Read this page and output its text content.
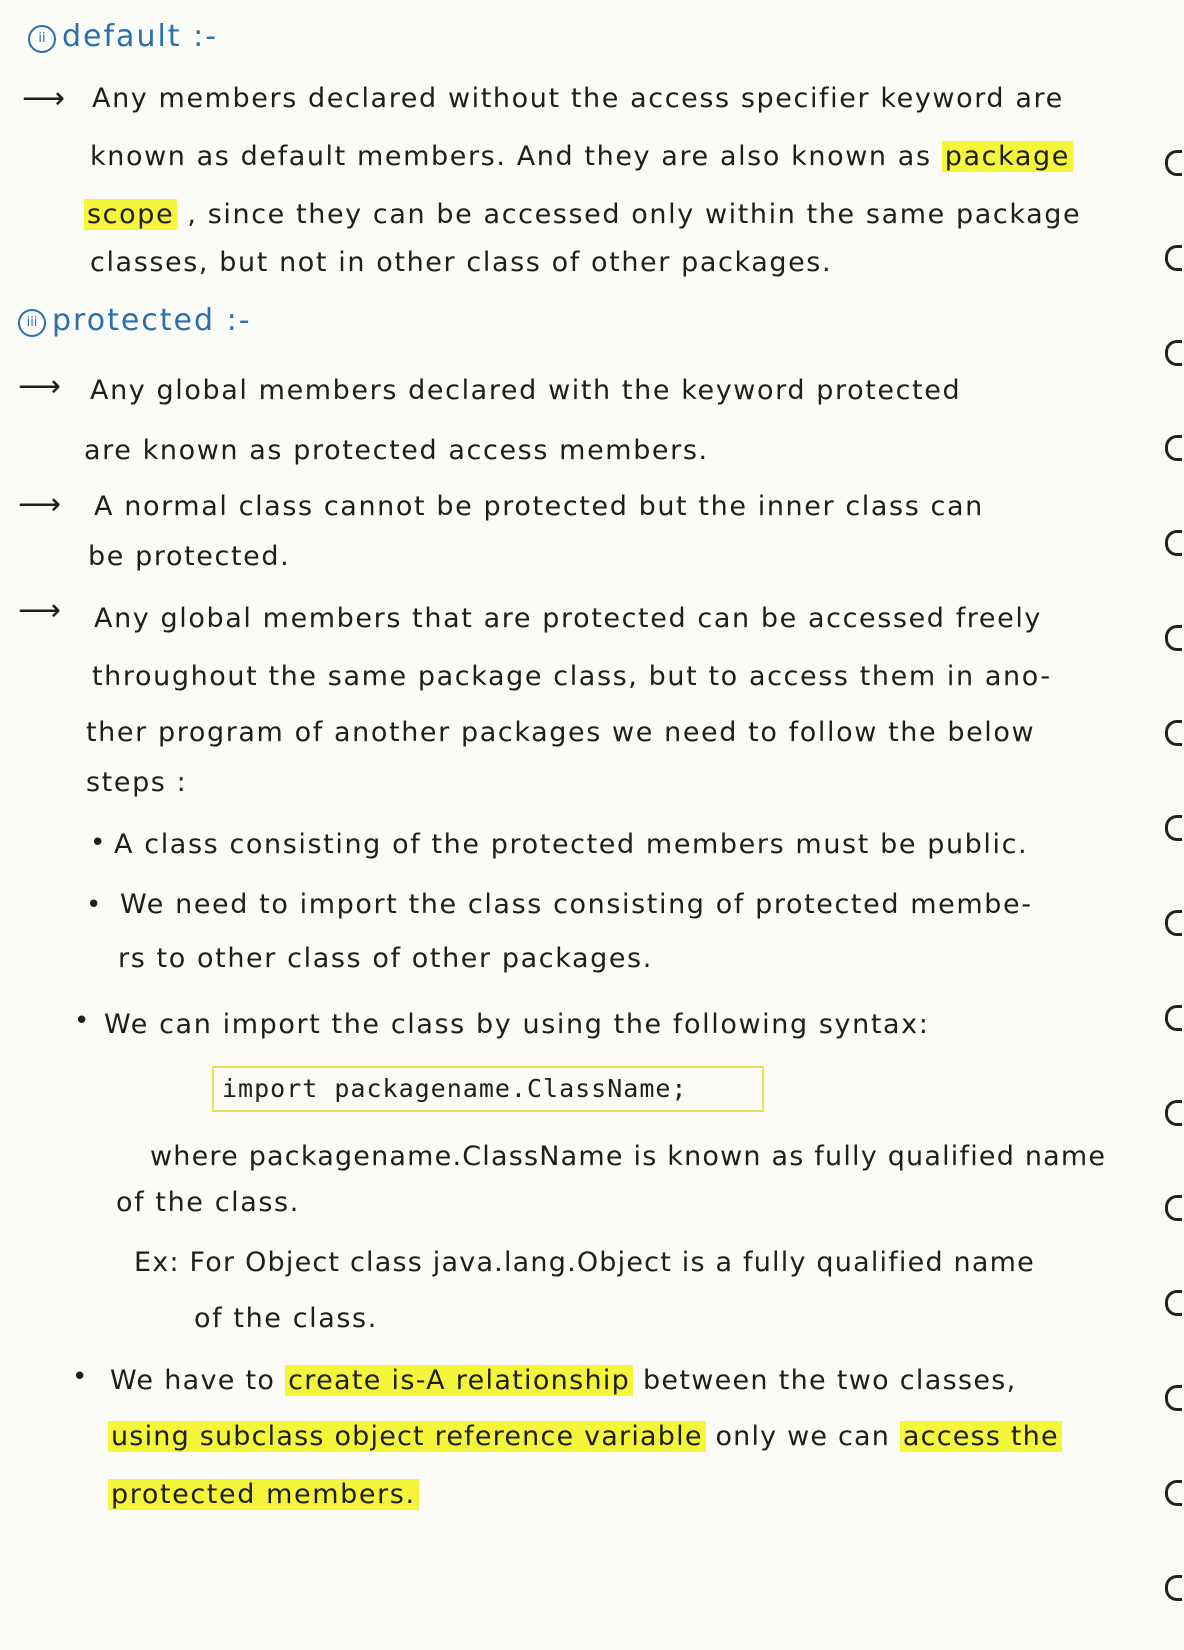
ii default :-
⟶ Any members declared without the access specifier keyword are
known as default members. And they are also known as package
scope , since they can be accessed only within the same package
classes, but not in other class of other packages.
iii protected :-
⟶ Any global members declared with the keyword protected
are known as protected access members.
⟶ A normal class cannot be protected but the inner class can
be protected.
⟶ Any global members that are protected can be accessed freely
throughout the same package class, but to access them in ano-
ther program of another packages we need to follow the below
steps :
• A class consisting of the protected members must be public.
• We need to import the class consisting of protected membe-
rs to other class of other packages.
• We can import the class by using the following syntax:
import packagename.ClassName;
where packagename.ClassName is known as fully qualified name
of the class.
Ex: For Object class java.lang.Object is a fully qualified name
of the class.
• We have to create is-A relationship between the two classes,
using subclass object reference variable only we can access the
protected members.
